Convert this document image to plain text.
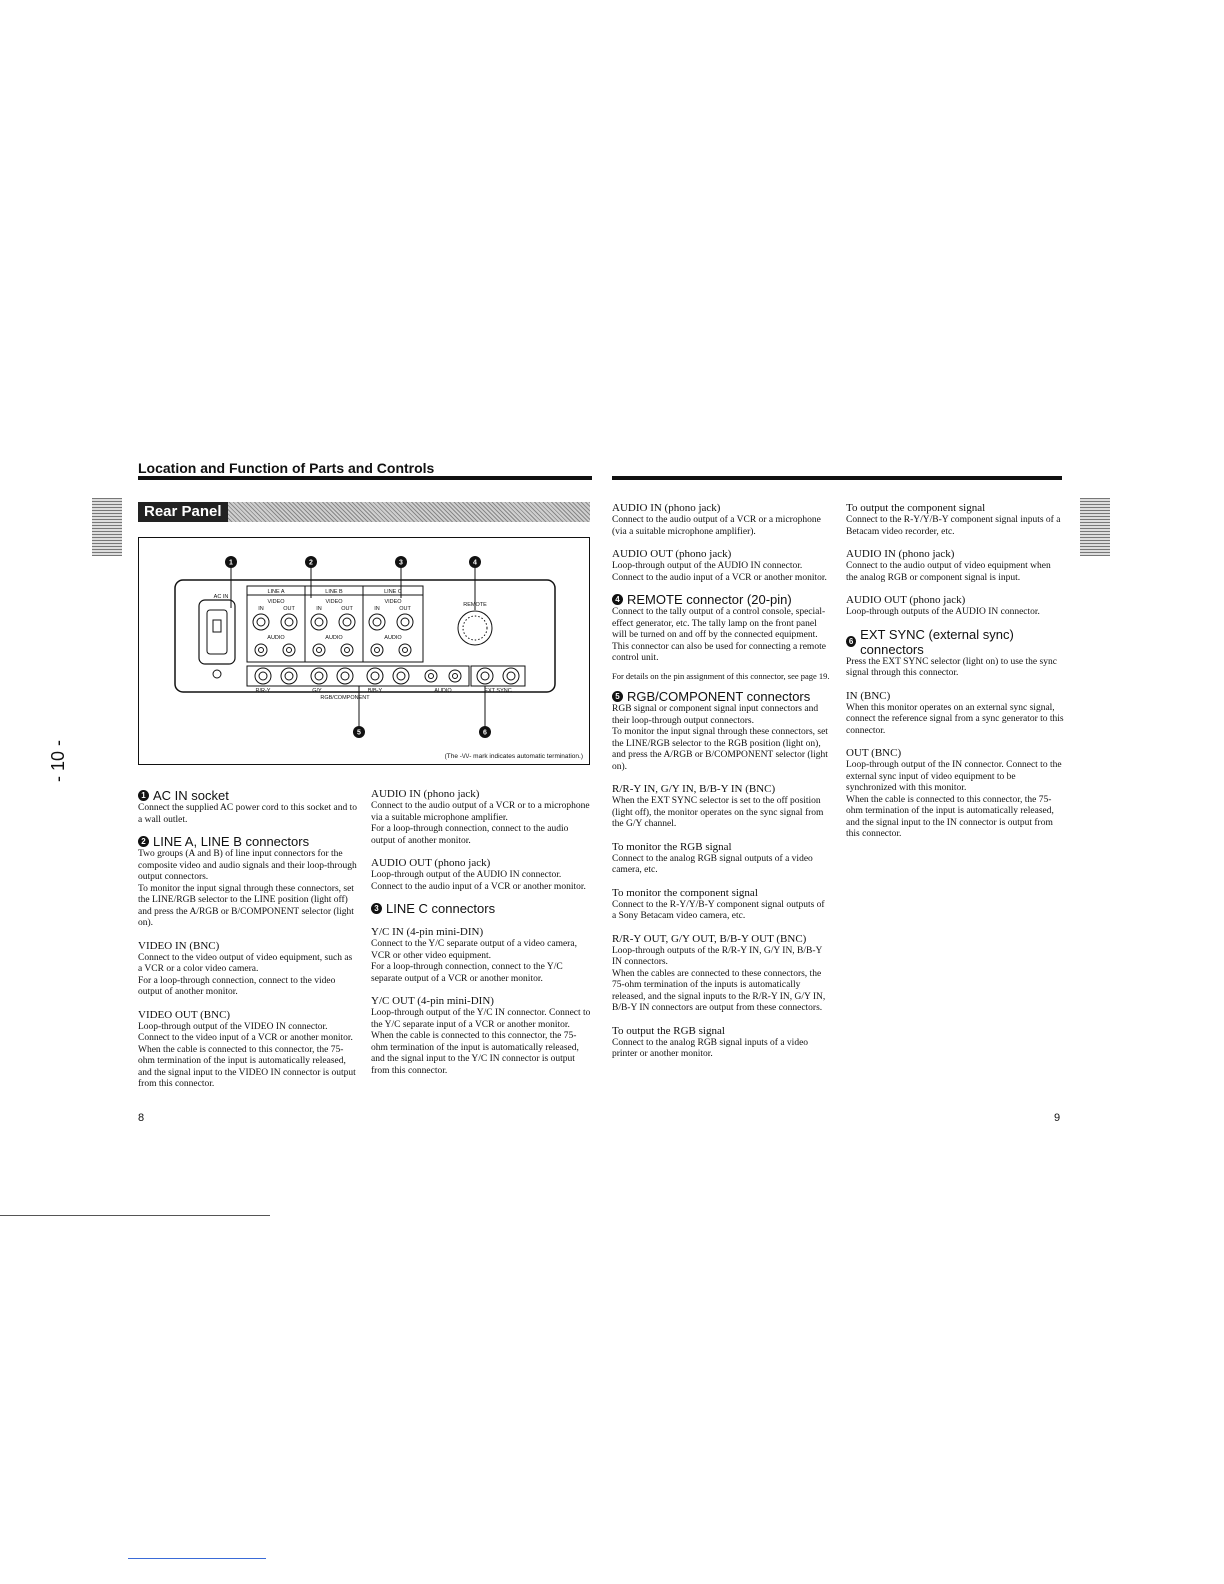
Location and Function of Parts and Controls
- 10 -
Rear Panel
1	2	3	4
5	6
AC IN
LINE A	LINE B	LINE C
VIDEO	VIDEO	VIDEO
IN	OUT	IN	OUT	IN	OUT
AUDIO	AUDIO	AUDIO
REMOTE
R/R-Y	G/Y	B/B-Y	AUDIO
RGB/COMPONENT
EXT SYNC
(The -\/\/- mark indicates automatic termination.)
1 AC IN socket
Connect the supplied AC power cord to this socket and to a wall outlet.
2 LINE A, LINE B connectors
Two groups (A and B) of line input connectors for the composite video and audio signals and their loop-through output connectors.
To monitor the input signal through these connectors, set the LINE/RGB selector to the LINE position (light off) and press the A/RGB or B/COMPONENT selector (light on).
VIDEO IN (BNC)
Connect to the video output of video equipment, such as a VCR or a color video camera.
For a loop-through connection, connect to the video output of another monitor.
VIDEO OUT (BNC)
Loop-through output of the VIDEO IN connector. Connect to the video input of a VCR or another monitor.
When the cable is connected to this connector, the 75-ohm termination of the input is automatically released, and the signal input to the VIDEO IN connector is output from this connector.
AUDIO IN (phono jack)
Connect to the audio output of a VCR or to a microphone via a suitable microphone amplifier.
For a loop-through connection, connect to the audio output of another monitor.
AUDIO OUT (phono jack)
Loop-through output of the AUDIO IN connector. Connect to the audio input of a VCR or another monitor.
3 LINE C connectors
Y/C IN (4-pin mini-DIN)
Connect to the Y/C separate output of a video camera, VCR or other video equipment.
For a loop-through connection, connect to the Y/C separate output of a VCR or another monitor.
Y/C OUT (4-pin mini-DIN)
Loop-through output of the Y/C IN connector. Connect to the Y/C separate input of a VCR or another monitor.
When the cable is connected to this connector, the 75-ohm termination of the input is automatically released, and the signal input to the Y/C IN connector is output from this connector.
AUDIO IN (phono jack)
Connect to the audio output of a VCR or a microphone (via a suitable microphone amplifier).
AUDIO OUT (phono jack)
Loop-through output of the AUDIO IN connector. Connect to the audio input of a VCR or another monitor.
4 REMOTE connector (20-pin)
Connect to the tally output of a control console, special-effect generator, etc. The tally lamp on the front panel will be turned on and off by the connected equipment. This connector can also be used for connecting a remote control unit.
For details on the pin assignment of this connector, see page 19.
5 RGB/COMPONENT connectors
RGB signal or component signal input connectors and their loop-through output connectors.
To monitor the input signal through these connectors, set the LINE/RGB selector to the RGB position (light on), and press the A/RGB or B/COMPONENT selector (light on).
R/R-Y IN, G/Y IN, B/B-Y IN (BNC)
When the EXT SYNC selector is set to the off position (light off), the monitor operates on the sync signal from the G/Y channel.
To monitor the RGB signal
Connect to the analog RGB signal outputs of a video camera, etc.
To monitor the component signal
Connect to the R-Y/Y/B-Y component signal outputs of a Sony Betacam video camera, etc.
R/R-Y OUT, G/Y OUT, B/B-Y OUT (BNC)
Loop-through outputs of the R/R-Y IN, G/Y IN, B/B-Y IN connectors.
When the cables are connected to these connectors, the 75-ohm termination of the inputs is automatically released, and the signal inputs to the R/R-Y IN, G/Y IN, B/B-Y IN connectors are output from these connectors.
To output the RGB signal
Connect to the analog RGB signal inputs of a video printer or another monitor.
To output the component signal
Connect to the R-Y/Y/B-Y component signal inputs of a Betacam video recorder, etc.
AUDIO IN (phono jack)
Connect to the audio output of video equipment when the analog RGB or component signal is input.
AUDIO OUT (phono jack)
Loop-through outputs of the AUDIO IN connector.
6 EXT SYNC (external sync) connectors
Press the EXT SYNC selector (light on) to use the sync signal through this connector.
IN (BNC)
When this monitor operates on an external sync signal, connect the reference signal from a sync generator to this connector.
OUT (BNC)
Loop-through output of the IN connector. Connect to the external sync input of video equipment to be synchronized with this monitor.
When the cable is connected to this connector, the 75-ohm termination of the input is automatically released, and the signal input to the IN connector is output from this connector.
8	9
